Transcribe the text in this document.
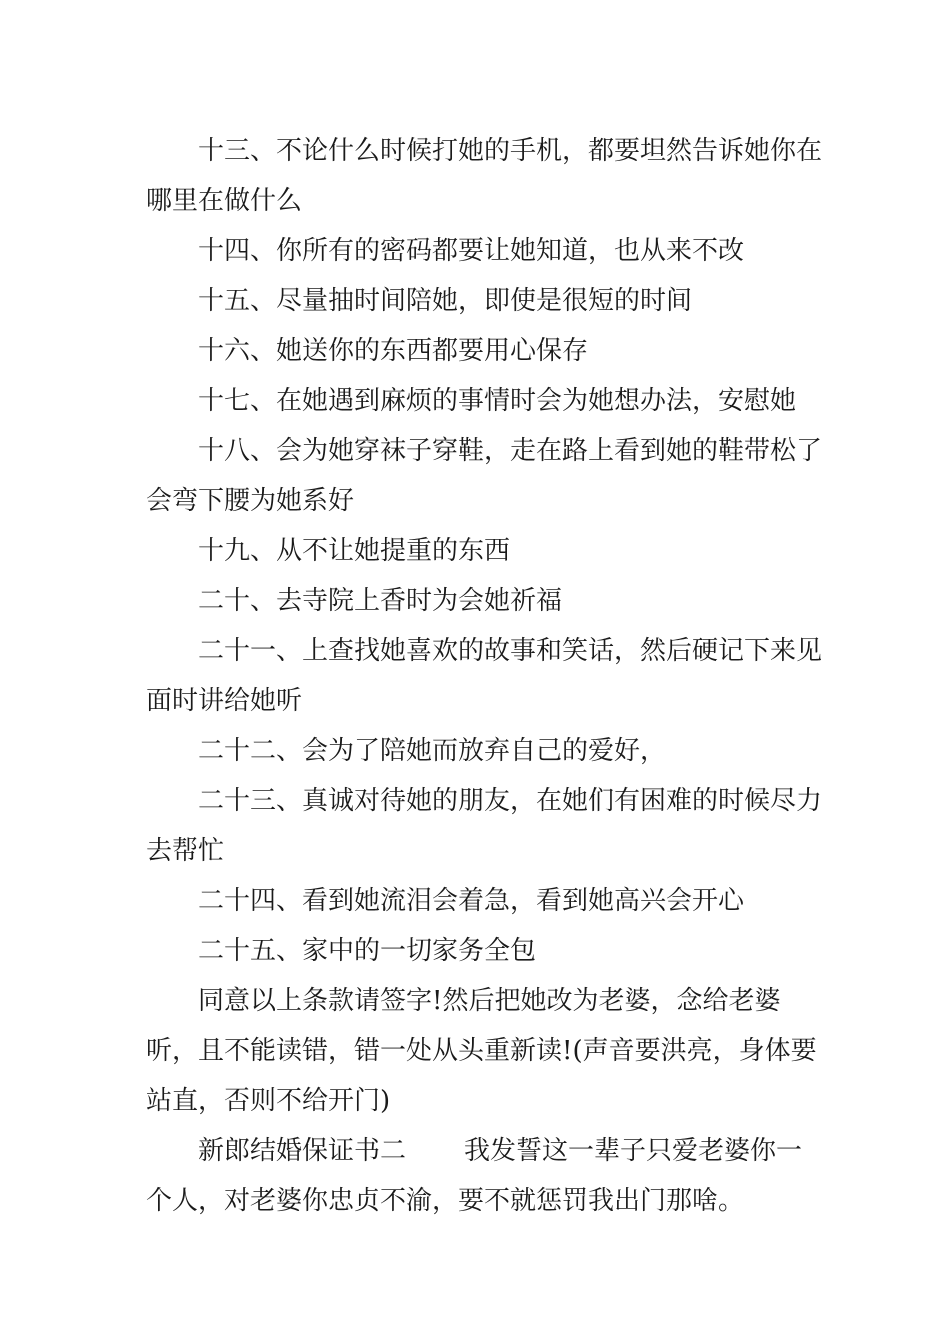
十三、不论什么时候打她的手机，都要坦然告诉她你在哪里在做什么

十四、你所有的密码都要让她知道，也从来不改

十五、尽量抽时间陪她，即使是很短的时间

十六、她送你的东西都要用心保存

十七、在她遇到麻烦的事情时会为她想办法，安慰她

十八、会为她穿袜子穿鞋，走在路上看到她的鞋带松了会弯下腰为她系好

十九、从不让她提重的东西

二十、去寺院上香时为会她祈福

二十一、上查找她喜欢的故事和笑话，然后硬记下来见面时讲给她听

二十二、会为了陪她而放弃自己的爱好，

二十三、真诚对待她的朋友，在她们有困难的时候尽力去帮忙

二十四、看到她流泪会着急，看到她高兴会开心

二十五、家中的一切家务全包

同意以上条款请签字!然后把她改为老婆，念给老婆听，且不能读错，错一处从头重新读!(声音要洪亮，身体要站直，否则不给开门)

新郎结婚保证书二 我发誓这一辈子只爱老婆你一个人，对老婆你忠贞不渝，要不就惩罚我出门那啥。
